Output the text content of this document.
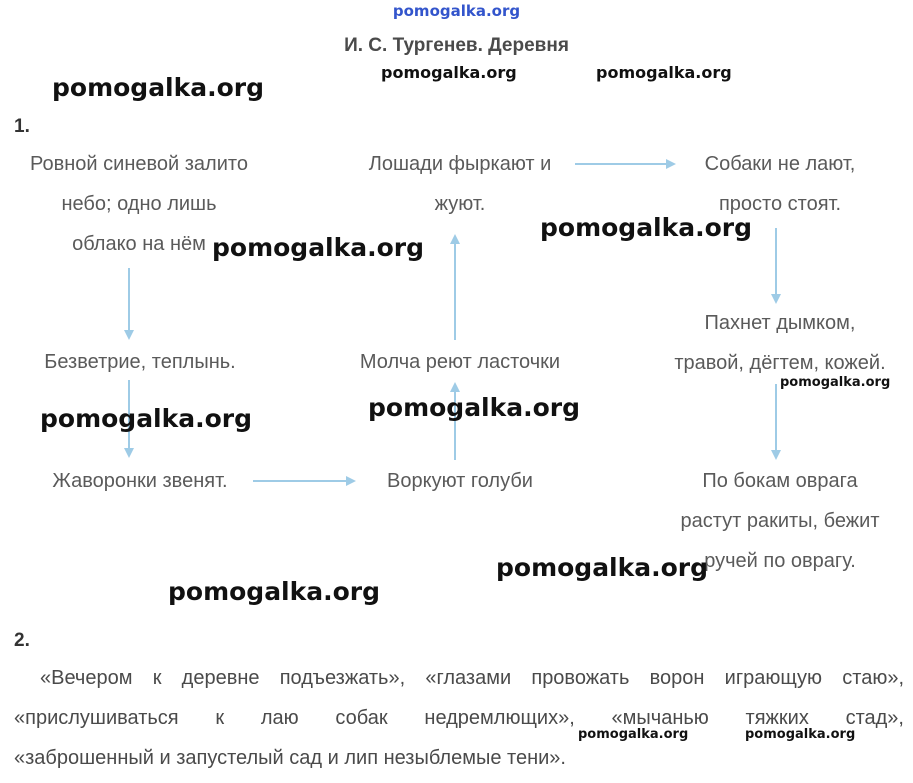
pomogalka.org
И. С. Тургенев. Деревня
1.
Ровной синевой залито
небо; одно лишь
облако на нём
Безветрие, теплынь.
Жаворонки звенят.	Воркуют голуби
Молча реют ласточки
Лошади фыркают и
жуют.
Собаки не лают,
просто стоят.
Пахнет дымком,
травой, дёгтем, кожей.
По бокам оврага
растут ракиты, бежит
ручей по оврагу.
2.
«Вечером к деревне подъезжать», «глазами провожать ворон играющую стаю»,
«прислушиваться к лаю собак недремлющих», «мычанью тяжких стад»,
«заброшенный и запустелый сад и лип незыблемые тени».
pomogalka.org	pomogalka.org
pomogalka.org
pomogalka.org
pomogalka.org
pomogalka.org
pomogalka.org	pomogalka.org
pomogalka.org
pomogalka.org
pomogalka.org	pomogalka.org
